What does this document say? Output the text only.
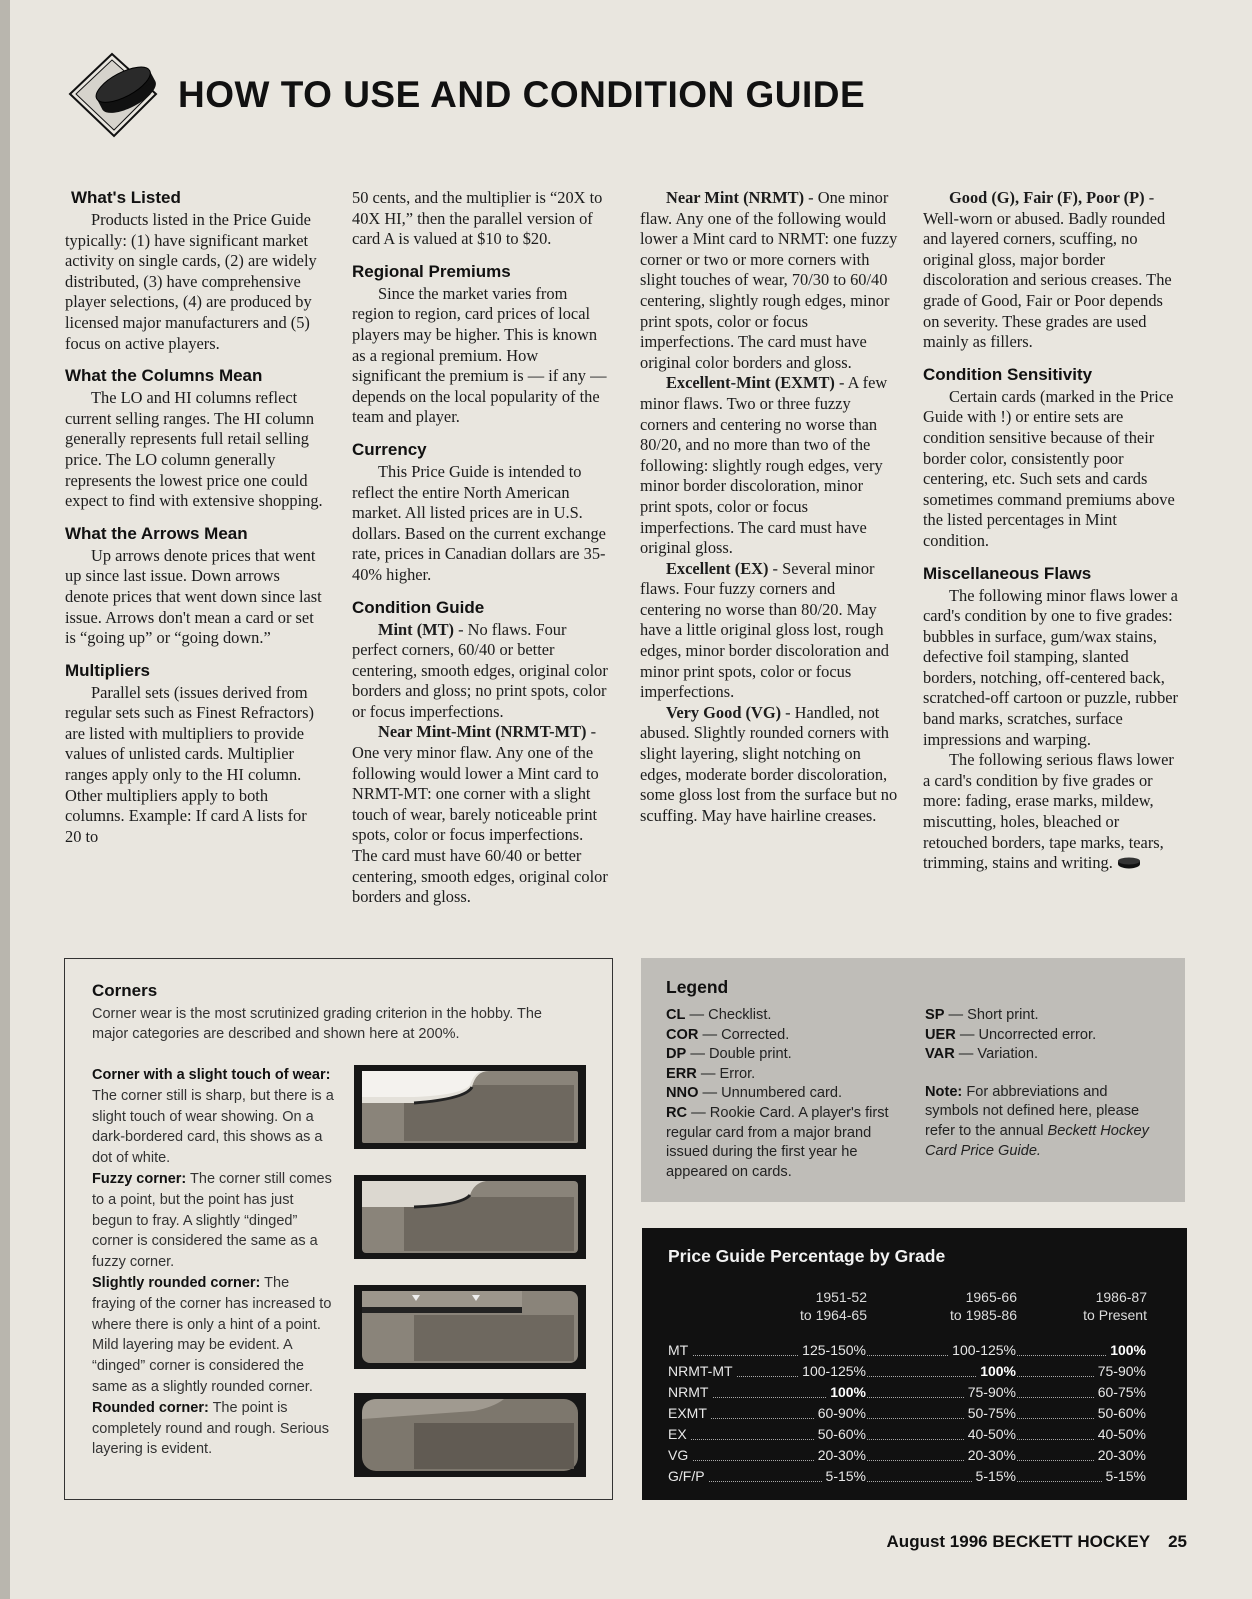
HOW TO USE AND CONDITION GUIDE
What's Listed

Products listed in the Price Guide typically: (1) have significant market activity on single cards, (2) are widely distributed, (3) have comprehensive player selections, (4) are produced by licensed major manufacturers and (5) focus on active players.

What the Columns Mean

The LO and HI columns reflect current selling ranges. The HI column generally represents full retail selling price. The LO column generally represents the lowest price one could expect to find with extensive shopping.

What the Arrows Mean

Up arrows denote prices that went up since last issue. Down arrows denote prices that went down since last issue. Arrows don't mean a card or set is “going up” or “going down.”

Multipliers

Parallel sets (issues derived from regular sets such as Finest Refractors) are listed with multipliers to provide values of unlisted cards. Multiplier ranges apply only to the HI column. Other multipliers apply to both columns. Example: If card A lists for 20 to

50 cents, and the multiplier is “20X to 40X HI,” then the parallel version of card A is valued at $10 to $20.

Regional Premiums

Since the market varies from region to region, card prices of local players may be higher. This is known as a regional premium. How significant the premium is — if any — depends on the local popularity of the team and player.

Currency

This Price Guide is intended to reflect the entire North American market. All listed prices are in U.S. dollars. Based on the current exchange rate, prices in Canadian dollars are 35-40% higher.

Condition Guide

Mint (MT) - No flaws. Four perfect corners, 60/40 or better centering, smooth edges, original color borders and gloss; no print spots, color or focus imperfections.

Near Mint-Mint (NRMT-MT) - One very minor flaw. Any one of the following would lower a Mint card to NRMT-MT: one corner with a slight touch of wear, barely noticeable print spots, color or focus imperfections. The card must have 60/40 or better centering, smooth edges, original color borders and gloss.

Near Mint (NRMT) - One minor flaw. Any one of the following would lower a Mint card to NRMT: one fuzzy corner or two or more corners with slight touches of wear, 70/30 to 60/40 centering, slightly rough edges, minor print spots, color or focus imperfections. The card must have original color borders and gloss.

Excellent-Mint (EXMT) - A few minor flaws. Two or three fuzzy corners and centering no worse than 80/20, and no more than two of the following: slightly rough edges, very minor border discoloration, minor print spots, color or focus imperfections. The card must have original gloss.

Excellent (EX) - Several minor flaws. Four fuzzy corners and centering no worse than 80/20. May have a little original gloss lost, rough edges, minor border discoloration and minor print spots, color or focus imperfections.

Very Good (VG) - Handled, not abused. Slightly rounded corners with slight layering, slight notching on edges, moderate border discoloration, some gloss lost from the surface but no scuffing. May have hairline creases.

Good (G), Fair (F), Poor (P) - Well-worn or abused. Badly rounded and layered corners, scuffing, no original gloss, major border discoloration and serious creases. The grade of Good, Fair or Poor depends on severity. These grades are used mainly as fillers.

Condition Sensitivity

Certain cards (marked in the Price Guide with !) or entire sets are condition sensitive because of their border color, consistently poor centering, etc. Such sets and cards sometimes command premiums above the listed percentages in Mint condition.

Miscellaneous Flaws

The following minor flaws lower a card's condition by one to five grades: bubbles in surface, gum/wax stains, defective foil stamping, slanted borders, notching, off-centered back, scratched-off cartoon or puzzle, rubber band marks, scratches, surface impressions and warping.

The following serious flaws lower a card's condition by five grades or more: fading, erase marks, mildew, miscutting, holes, bleached or retouched borders, tape marks, tears, trimming, stains and writing.

Corners
Corner wear is the most scrutinized grading criterion in the hobby. The major categories are described and shown here at 200%.

Corner with a slight touch of wear: The corner still is sharp, but there is a slight touch of wear showing. On a dark-bordered card, this shows as a dot of white.

Fuzzy corner: The corner still comes to a point, but the point has just begun to fray. A slightly “dinged” corner is considered the same as a fuzzy corner.

Slightly rounded corner: The fraying of the corner has increased to where there is only a hint of a point. Mild layering may be evident. A “dinged” corner is considered the same as a slightly rounded corner.

Rounded corner: The point is completely round and rough. Serious layering is evident.

Legend
CL — Checklist.
COR — Corrected.
DP — Double print.
ERR — Error.
NNO — Unnumbered card.
RC — Rookie Card. A player's first regular card from a major brand issued during the first year he appeared on cards.
SP — Short print.
UER — Uncorrected error.
VAR — Variation.
Note: For abbreviations and symbols not defined here, please refer to the annual Beckett Hockey Card Price Guide.
Price Guide Percentage by Grade
1951-52
to 1964-65
1965-66
to 1985-86
1986-87
to Present
MT	125-150%	100-125%	100%
NRMT-MT	100-125%	100%	75-90%
NRMT	100%	75-90%	60-75%
EXMT	60-90%	50-75%	50-60%
EX	50-60%	40-50%	40-50%
VG	20-30%	20-30%	20-30%
G/F/P	5-15%	5-15%	5-15%
August 1996 BECKETT HOCKEY 25
